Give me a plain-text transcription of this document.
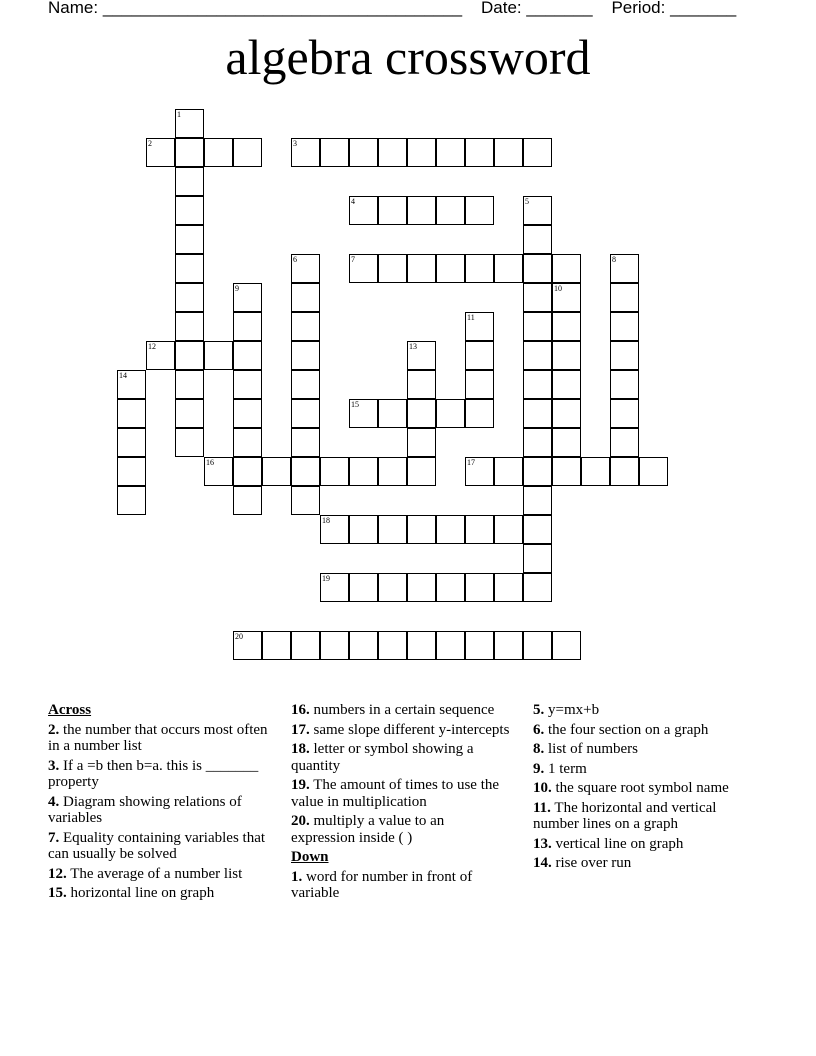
Name: ______________________________________ Date: _______ Period: _______
algebra crossword
1
2	3
4	5
6	7	8
9	10
11
12	13
14
15
16	17
18
19
20
Across
2. the number that occurs most often in a number list
3. If a =b then b=a. this is _______ property
4. Diagram showing relations of variables
7. Equality containing variables that can usually be solved
12. The average of a number list
15. horizontal line on graph
16. numbers in a certain sequence
17. same slope different y-intercepts
18. letter or symbol showing a quantity
19. The amount of times to use the value in multiplication
20. multiply a value to an expression inside ( )
Down
1. word for number in front of variable
5. y=mx+b
6. the four section on a graph
8. list of numbers
9. 1 term
10. the square root symbol name
11. The horizontal and vertical number lines on a graph
13. vertical line on graph
14. rise over run
